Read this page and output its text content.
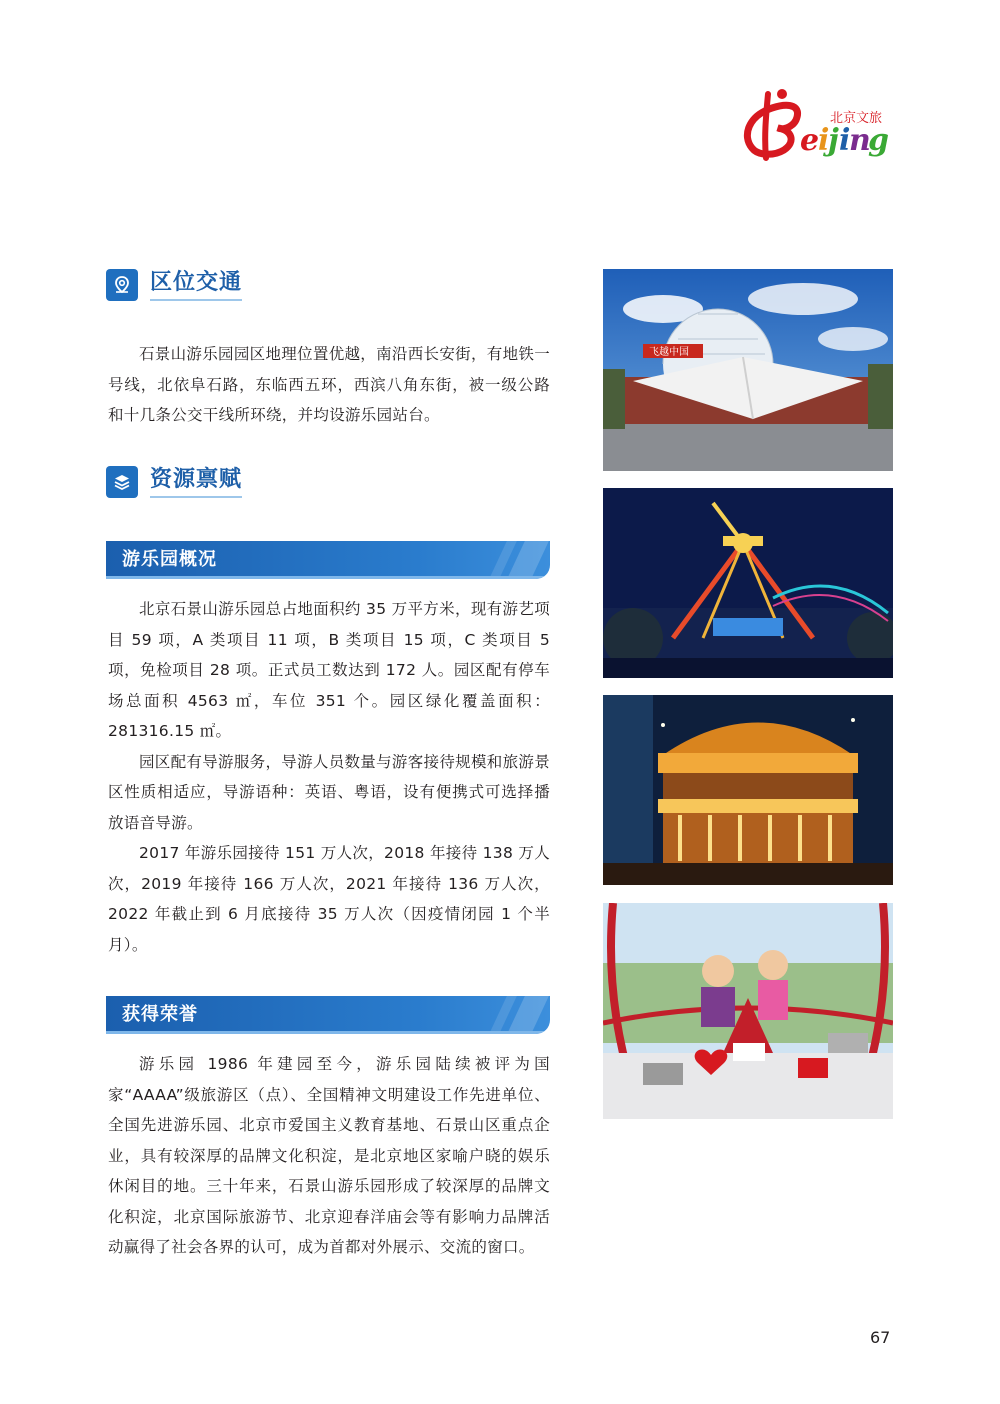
e
i
j i
n
g
北京文旅
区位交通

石景山游乐园园区地理位置优越，南沿西长安街，有地铁一号线，北依阜石路，东临西五环，西滨八角东街，被一级公路和十几条公交干线所环绕，并均设游乐园站台。

资源禀赋
游乐园概况

北京石景山游乐园总占地面积约 35 万平方米，现有游艺项目 59 项，A 类项目 11 项，B 类项目 15 项，C 类项目 5 项，免检项目 28 项。正式员工数达到 172 人。园区配有停车场总面积 4563 ㎡，车位 351 个。园区绿化覆盖面积：281316.15 ㎡。

园区配有导游服务，导游人员数量与游客接待规模和旅游景区性质相适应，导游语种：英语、粤语，设有便携式可选择播放语音导游。

2017 年游乐园接待 151 万人次，2018 年接待 138 万人次，2019 年接待 166 万人次，2021 年接待 136 万人次，2022 年截止到 6 月底接待 35 万人次（因疫情闭园 1 个半月）。

获得荣誉

游乐园 1986 年建园至今，游乐园陆续被评为国家“AAAA”级旅游区（点）、全国精神文明建设工作先进单位、全国先进游乐园、北京市爱国主义教育基地、石景山区重点企业，具有较深厚的品牌文化积淀，是北京地区家喻户晓的娱乐休闲目的地。三十年来，石景山游乐园形成了较深厚的品牌文化积淀，北京国际旅游节、北京迎春洋庙会等有影响力品牌活动赢得了社会各界的认可，成为首都对外展示、交流的窗口。

飞越中国
67
